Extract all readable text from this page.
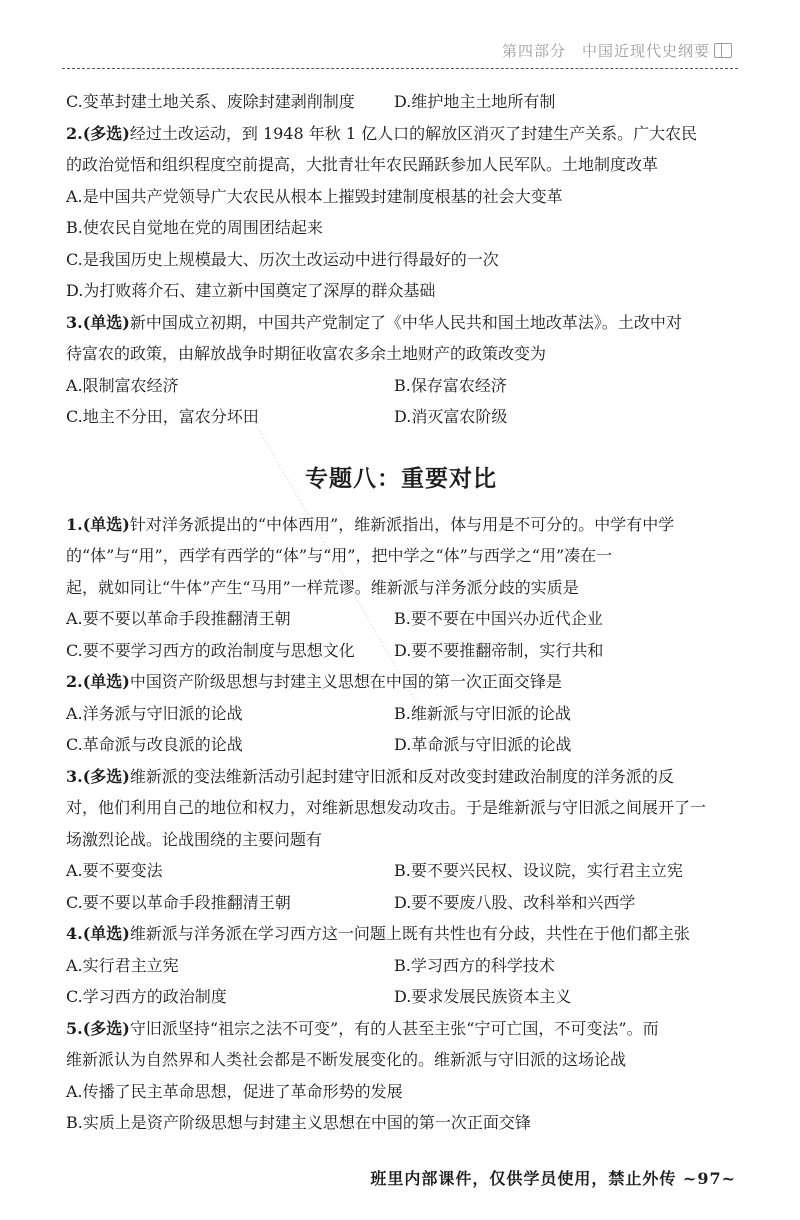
第四部分　中国近现代史纲要
C.变革封建土地关系、废除封建剥削制度	D.维护地主土地所有制
2.(多选)经过土改运动，到 1948 年秋 1 亿人口的解放区消灭了封建生产关系。广大农民
的政治觉悟和组织程度空前提高，大批青壮年农民踊跃参加人民军队。土地制度改革
A.是中国共产党领导广大农民从根本上摧毁封建制度根基的社会大变革
B.使农民自觉地在党的周围团结起来
C.是我国历史上规模最大、历次土改运动中进行得最好的一次
D.为打败蒋介石、建立新中国奠定了深厚的群众基础
3.(单选)新中国成立初期，中国共产党制定了《中华人民共和国土地改革法》。土改中对
待富农的政策，由解放战争时期征收富农多余土地财产的政策改变为
A.限制富农经济	B.保存富农经济
C.地主不分田，富农分坏田	D.消灭富农阶级
专题八：重要对比
1.(单选)针对洋务派提出的“中体西用”，维新派指出，体与用是不可分的。中学有中学
的“体”与“用”，西学有西学的“体”与“用”，把中学之“体”与西学之“用”凑在一
起，就如同让“牛体”产生“马用”一样荒谬。维新派与洋务派分歧的实质是
A.要不要以革命手段推翻清王朝	B.要不要在中国兴办近代企业
C.要不要学习西方的政治制度与思想文化	D.要不要推翻帝制，实行共和
2.(单选)中国资产阶级思想与封建主义思想在中国的第一次正面交锋是
A.洋务派与守旧派的论战	B.维新派与守旧派的论战
C.革命派与改良派的论战	D.革命派与守旧派的论战
3.(多选)维新派的变法维新活动引起封建守旧派和反对改变封建政治制度的洋务派的反
对，他们利用自己的地位和权力，对维新思想发动攻击。于是维新派与守旧派之间展开了一
场激烈论战。论战围绕的主要问题有
A.要不要变法	B.要不要兴民权、设议院，实行君主立宪
C.要不要以革命手段推翻清王朝	D.要不要废八股、改科举和兴西学
4.(单选)维新派与洋务派在学习西方这一问题上既有共性也有分歧，共性在于他们都主张
A.实行君主立宪	B.学习西方的科学技术
C.学习西方的政治制度	D.要求发展民族资本主义
5.(多选)守旧派坚持“祖宗之法不可变”，有的人甚至主张“宁可亡国，不可变法”。而
维新派认为自然界和人类社会都是不断发展变化的。维新派与守旧派的这场论战
A.传播了民主革命思想，促进了革命形势的发展
B.实质上是资产阶级思想与封建主义思想在中国的第一次正面交锋
班里内部课件，仅供学员使用，禁止外传 ~97~
